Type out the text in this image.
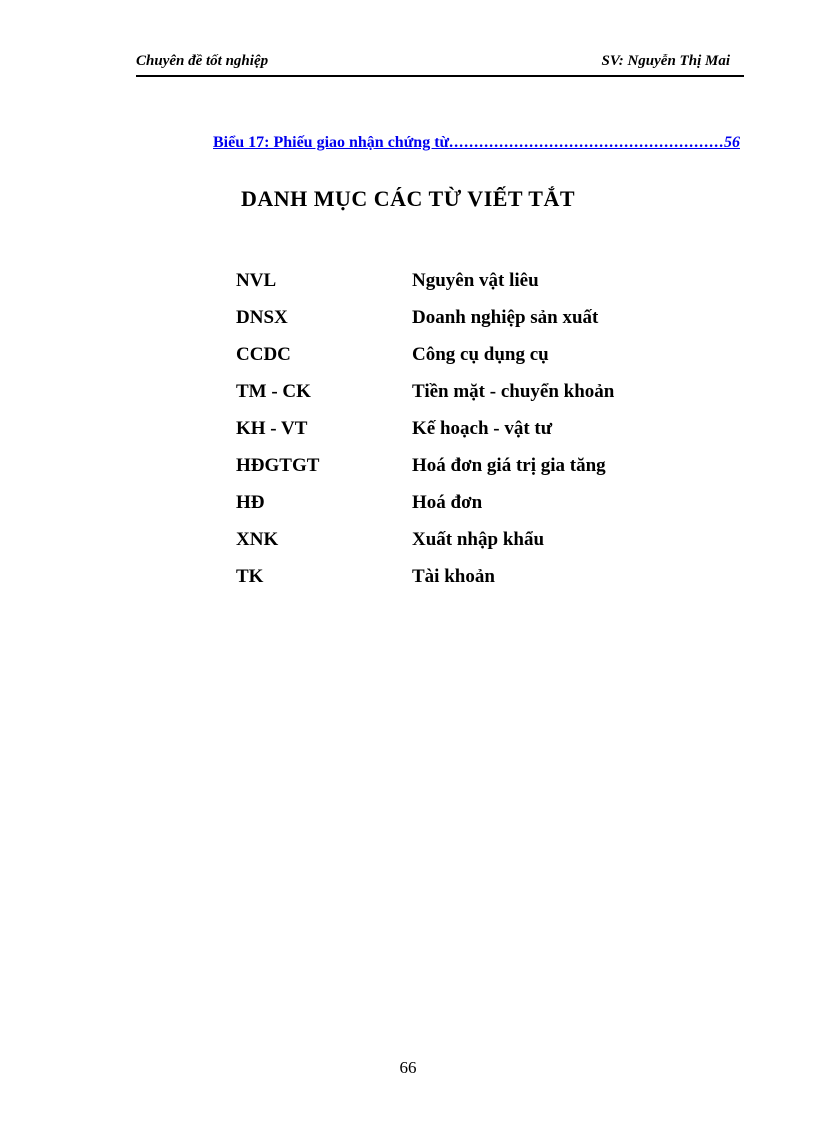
Chuyên đề tốt nghiệp	SV: Nguyễn Thị Mai
Biểu 17: Phiếu giao nhận chứng từ
.....	56
DANH MỤC CÁC TỪ VIẾT TẮT
NVL	Nguyên vật liêu
DNSX	Doanh nghiệp sản xuất
CCDC	Công cụ dụng cụ
TM - CK	Tiền mặt - chuyển khoản
KH - VT	Kế hoạch - vật tư
HĐGTGT	Hoá đơn giá trị gia tăng
HĐ	Hoá đơn
XNK	Xuất nhập khẩu
TK	Tài khoản
66
